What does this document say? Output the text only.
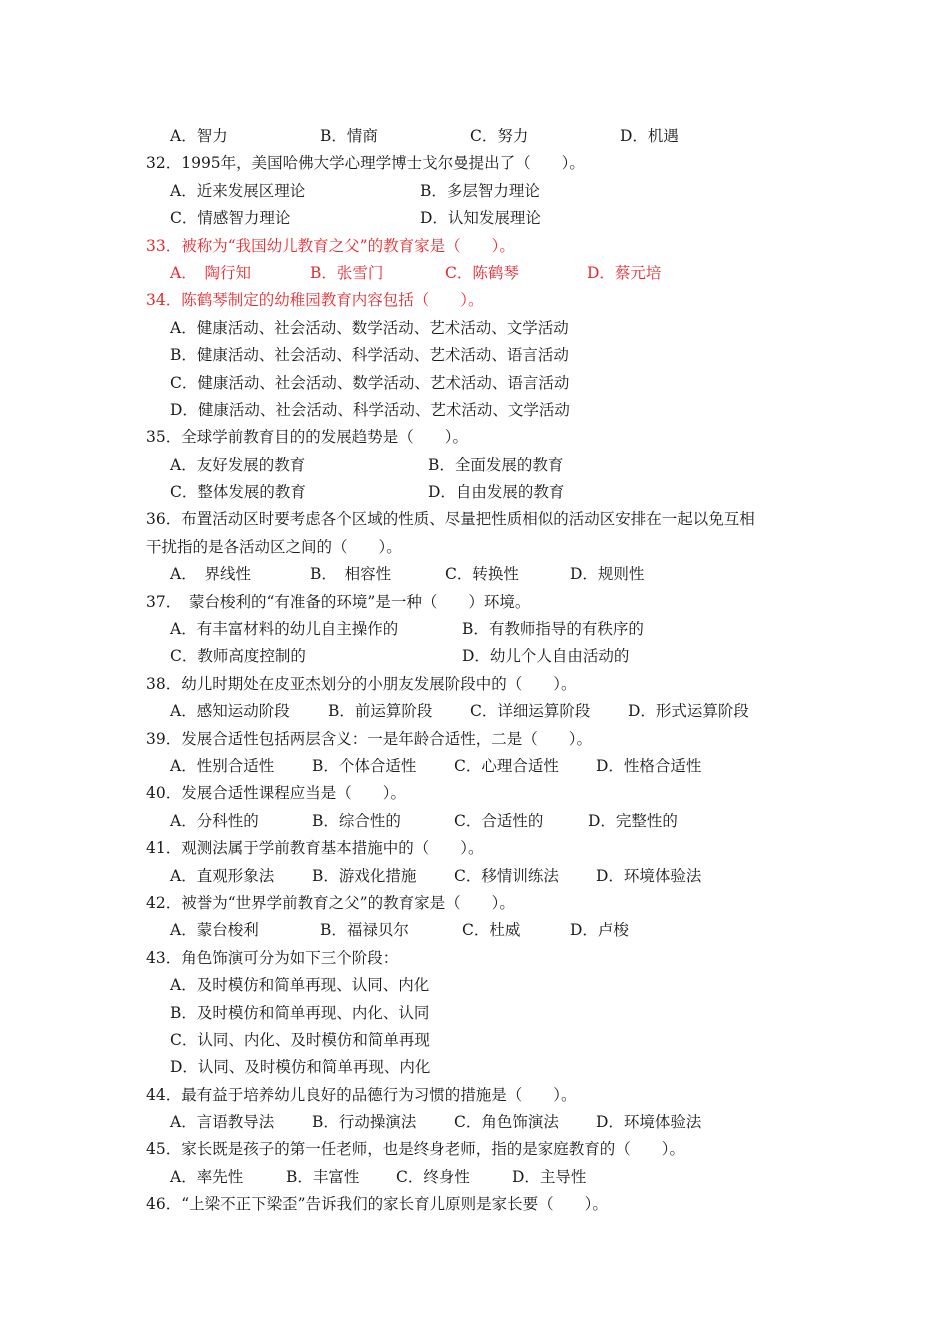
A．智力	B．情商	C．努力	D．机遇
32．1995年，美国哈佛大学心理学博士戈尔曼提出了（　　）。
A．近来发展区理论	B．多层智力理论
C．情感智力理论	D．认知发展理论
33．被称为“我国幼儿教育之父”的教育家是（　　）。
A．　陶行知	B．张雪门	C．陈鹤琴	D．蔡元培
34．陈鹤琴制定的幼稚园教育内容包括（　　）。
A．健康活动、社会活动、数学活动、艺术活动、文学活动
B．健康活动、社会活动、科学活动、艺术活动、语言活动
C．健康活动、社会活动、数学活动、艺术活动、语言活动
D．健康活动、社会活动、科学活动、艺术活动、文学活动
35．全球学前教育目的的发展趋势是（　　）。
A．友好发展的教育	B．全面发展的教育
C．整体发展的教育	D．自由发展的教育
36．布置活动区时要考虑各个区域的性质、尽量把性质相似的活动区安排在一起以免互相
干扰指的是各活动区之间的（　　）。
A．　界线性	B．　相容性	C．转换性	D．规则性
37．　蒙台梭利的“有准备的环境”是一种（　　）环境。
A．有丰富材料的幼儿自主操作的	B．有教师指导的有秩序的
C．教师高度控制的	D．幼儿个人自由活动的
38．幼儿时期处在皮亚杰划分的小朋友发展阶段中的（　　）。
A．感知运动阶段 B．前运算阶段 C．详细运算阶段 D．形式运算阶段
39．发展合适性包括两层含义：一是年龄合适性，二是（　　）。
A．性别合适性 B．个体合适性 C．心理合适性 D．性格合适性
40．发展合适性课程应当是（　　）。
A．分科性的	B．综合性的	C．合适性的	D．完整性的
41．观测法属于学前教育基本措施中的（　　）。
A．直观形象法 B．游戏化措施 C．移情训练法 D．环境体验法
42．被誉为“世界学前教育之父”的教育家是（　　）。
A．蒙台梭利	B．福禄贝尔	C．杜威	D．卢梭
43．角色饰演可分为如下三个阶段：
A．及时模仿和简单再现、认同、内化
B．及时模仿和简单再现、内化、认同
C．认同、内化、及时模仿和简单再现
D．认同、及时模仿和简单再现、内化
44．最有益于培养幼儿良好的品德行为习惯的措施是（　　）。
A．言语教导法 B．行动操演法 C．角色饰演法 D．环境体验法
45．家长既是孩子的第一任老师，也是终身老师，指的是家庭教育的（　　）。
A．率先性	B．丰富性 C．终身性	D．主导性
46．“上梁不正下梁歪”告诉我们的家长育儿原则是家长要（　　）。
